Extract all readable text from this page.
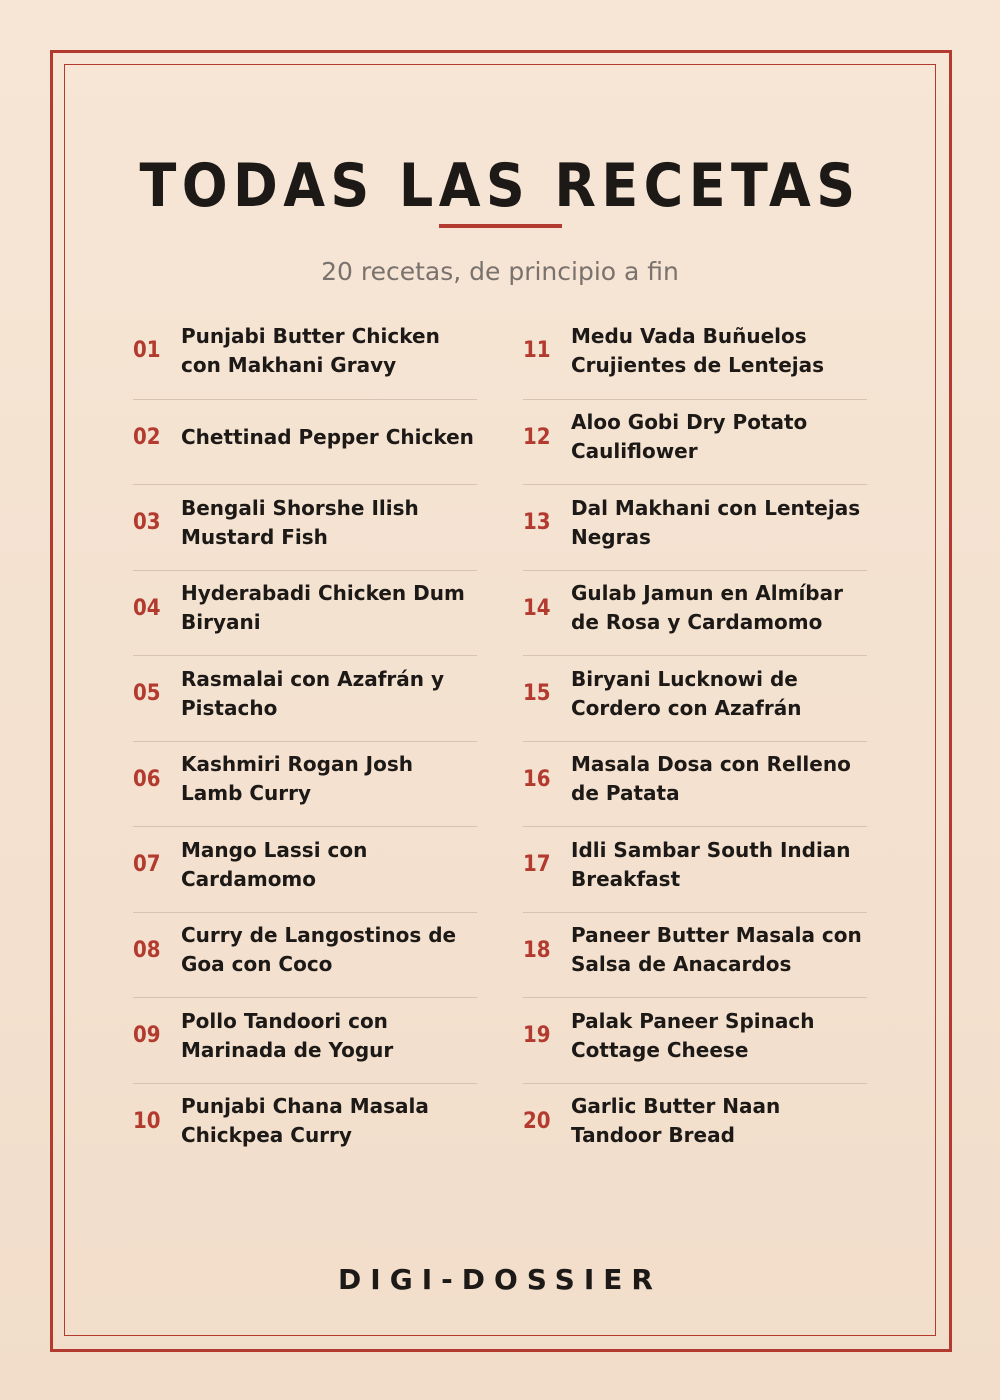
TODAS LAS RECETAS
20 recetas, de principio a fin
01
Punjabi Butter Chicken con Makhani Gravy
02 Chettinad Pepper Chicken
03
Bengali Shorshe Ilish Mustard Fish
04
Hyderabadi Chicken Dum Biryani
05
Rasmalai con Azafrán y Pistacho
06
Kashmiri Rogan Josh Lamb Curry
07
Mango Lassi con Cardamomo
08
Curry de Langostinos de Goa con Coco
09
Pollo Tandoori con Marinada de Yogur
10
Punjabi Chana Masala Chickpea Curry
11
Medu Vada Buñuelos Crujientes de Lentejas
12
Aloo Gobi Dry Potato Cauliflower
13
Dal Makhani con Lentejas Negras
14
Gulab Jamun en Almíbar de Rosa y Cardamomo
15
Biryani Lucknowi de Cordero con Azafrán
16
Masala Dosa con Relleno de Patata
17
Idli Sambar South Indian Breakfast
18
Paneer Butter Masala con Salsa de Anacardos
19
Palak Paneer Spinach Cottage Cheese
20
Garlic Butter Naan Tandoor Bread
DIGI-DOSSIER
